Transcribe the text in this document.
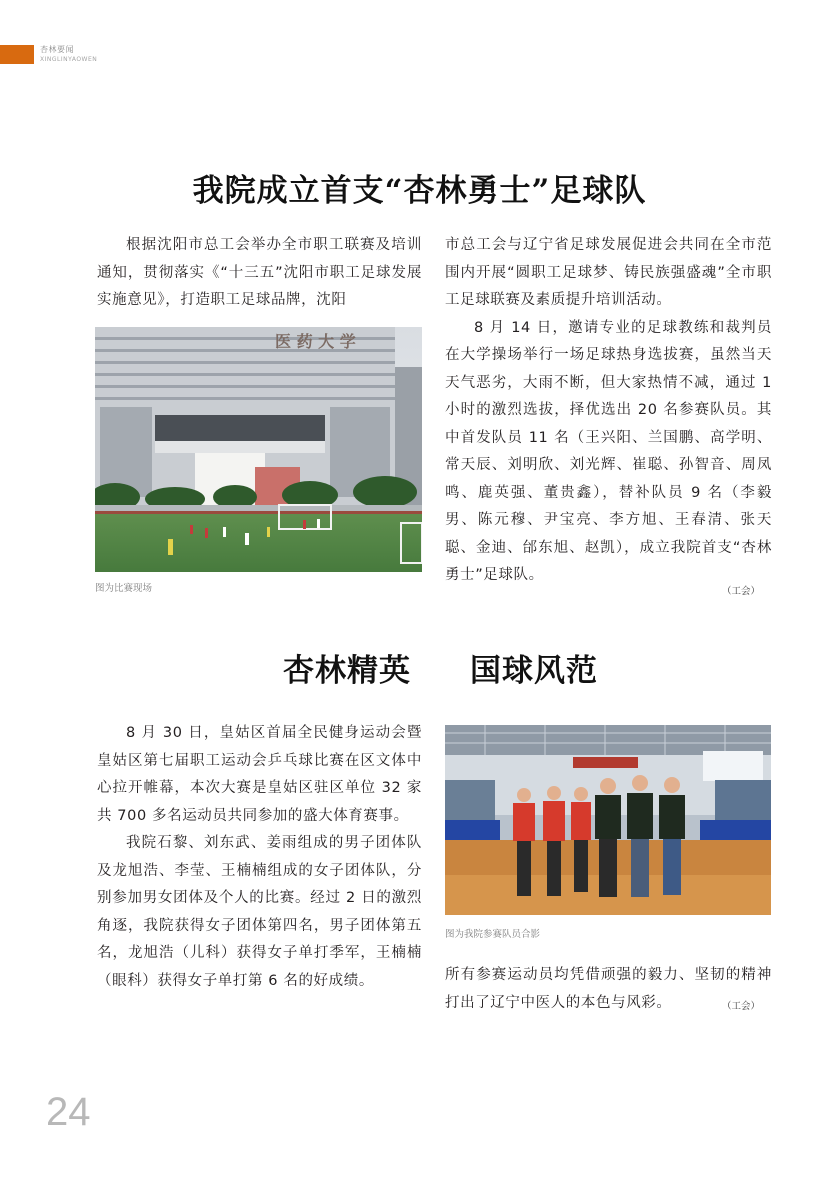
杏林要闻
XINGLINYAOWEN
我院成立首支“杏林勇士”足球队

根据沈阳市总工会举办全市职工联赛及培训通知，贯彻落实《“十三五”沈阳市职工足球发展实施意见》，打造职工足球品牌，沈阳

医 药 大 学
图为比赛现场

市总工会与辽宁省足球发展促进会共同在全市范围内开展“圆职工足球梦、铸民族强盛魂”全市职工足球联赛及素质提升培训活动。

8 月 14 日，邀请专业的足球教练和裁判员在大学操场举行一场足球热身选拔赛，虽然当天天气恶劣，大雨不断，但大家热情不减，通过 1 小时的激烈选拔，择优选出 20 名参赛队员。其中首发队员 11 名（王兴阳、兰国鹏、高学明、常天辰、刘明欣、刘光辉、崔聪、孙智音、周凤鸣、鹿英强、董贵鑫），替补队员 9 名（李毅男、陈元穆、尹宝亮、李方旭、王春清、张天聪、金迪、邰东旭、赵凯），成立我院首支“杏林勇士”足球队。

（工会）
杏林精英     国球风范

8 月 30 日，皇姑区首届全民健身运动会暨皇姑区第七届职工运动会乒乓球比赛在区文体中心拉开帷幕，本次大赛是皇姑区驻区单位 32 家共 700 多名运动员共同参加的盛大体育赛事。

我院石黎、刘东武、姜雨组成的男子团体队及龙旭浩、李莹、王楠楠组成的女子团体队，分别参加男女团体及个人的比赛。经过 2 日的激烈角逐，我院获得女子团体第四名，男子团体第五名，龙旭浩（儿科）获得女子单打季军，王楠楠（眼科）获得女子单打第 6 名的好成绩。

图为我院参赛队员合影

所有参赛运动员均凭借顽强的毅力、坚韧的精神打出了辽宁中医人的本色与风彩。	（工会）
24
